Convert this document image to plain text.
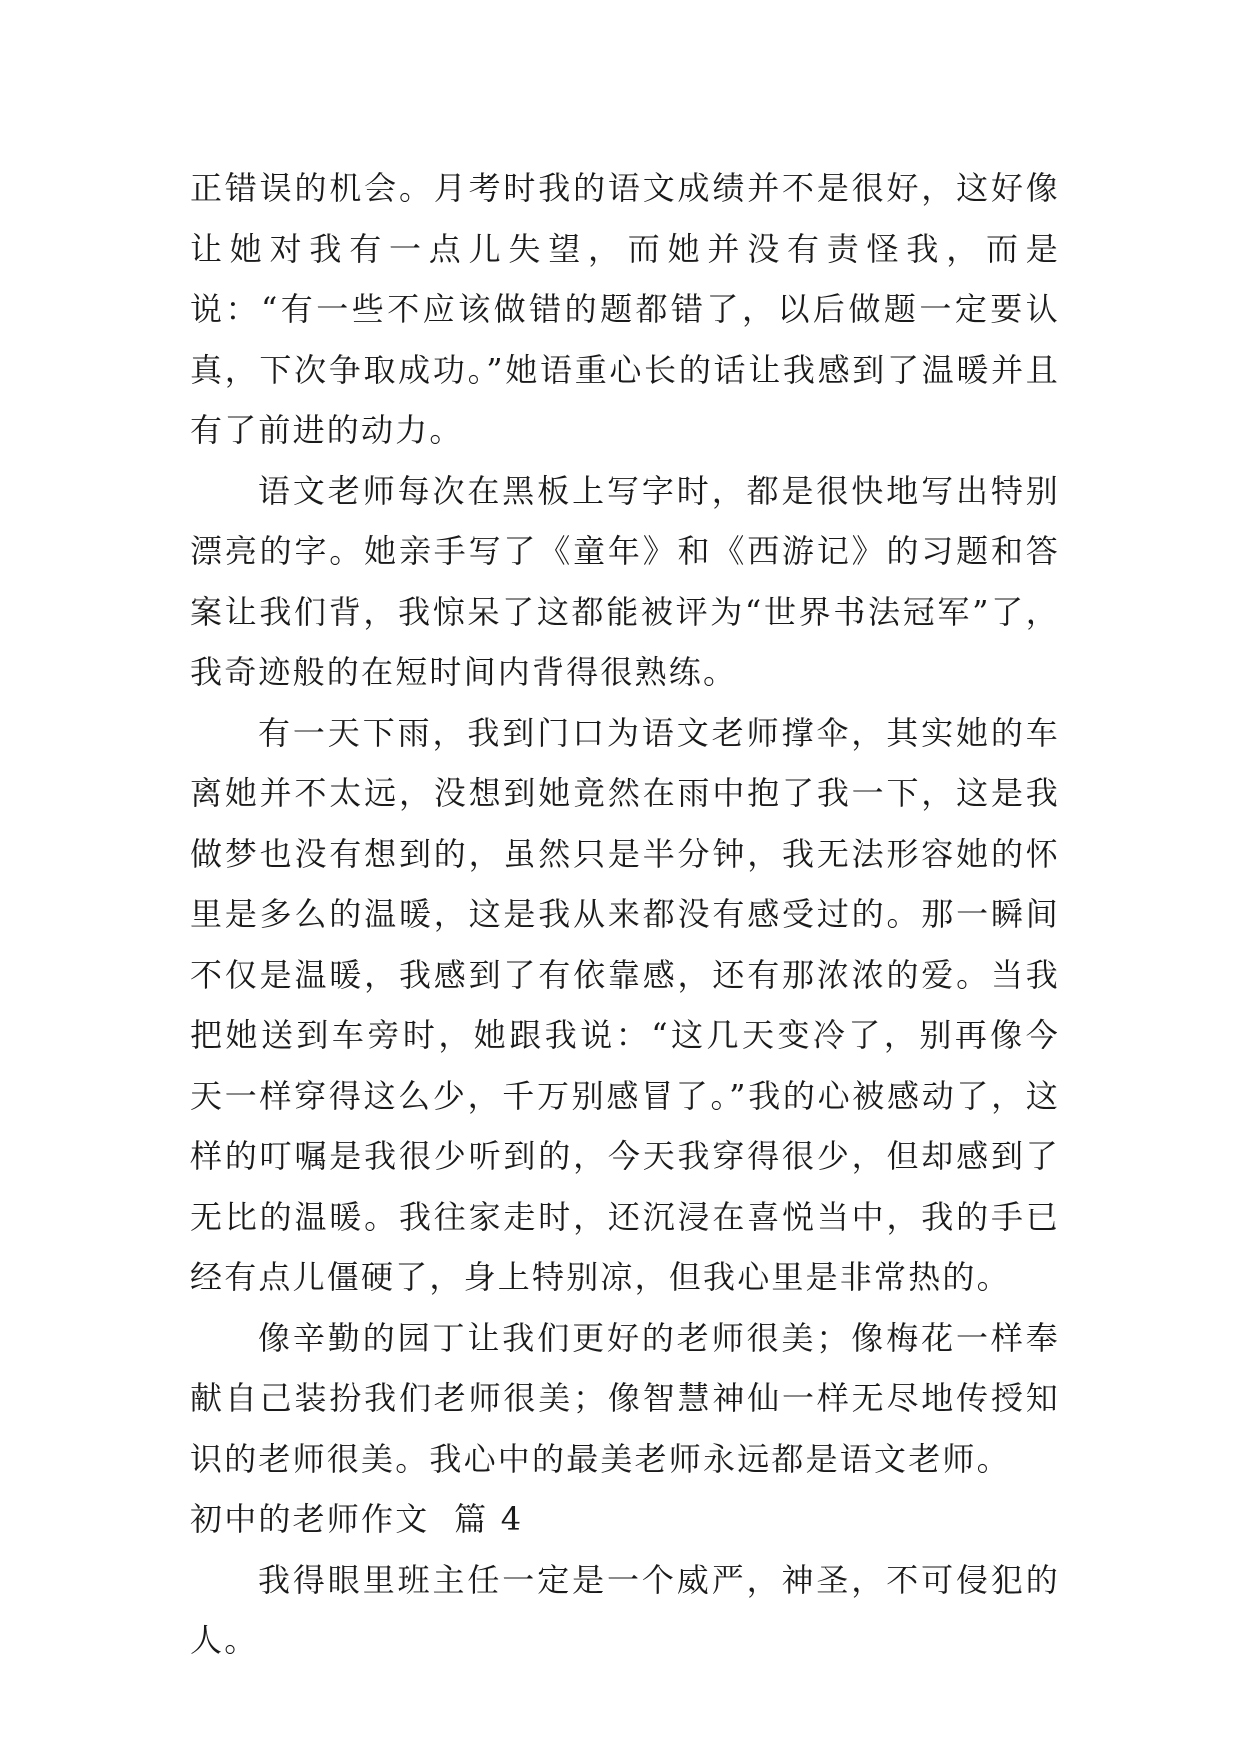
正错误的机会。月考时我的语文成绩并不是很好，这好像让她对我有一点儿失望，而她并没有责怪我，而是说：“有一些不应该做错的题都错了，以后做题一定要认真，下次争取成功。”她语重心长的话让我感到了温暖并且有了前进的动力。

语文老师每次在黑板上写字时，都是很快地写出特别漂亮的字。她亲手写了《童年》和《西游记》的习题和答案让我们背，我惊呆了这都能被评为“世界书法冠军”了，我奇迹般的在短时间内背得很熟练。

有一天下雨，我到门口为语文老师撑伞，其实她的车离她并不太远，没想到她竟然在雨中抱了我一下，这是我做梦也没有想到的，虽然只是半分钟，我无法形容她的怀里是多么的温暖，这是我从来都没有感受过的。那一瞬间不仅是温暖，我感到了有依靠感，还有那浓浓的爱。当我把她送到车旁时，她跟我说：“这几天变冷了，别再像今天一样穿得这么少，千万别感冒了。”我的心被感动了，这样的叮嘱是我很少听到的，今天我穿得很少，但却感到了无比的温暖。我往家走时，还沉浸在喜悦当中，我的手已经有点儿僵硬了，身上特别凉，但我心里是非常热的。

像辛勤的园丁让我们更好的老师很美；像梅花一样奉献自己装扮我们老师很美；像智慧神仙一样无尽地传授知识的老师很美。我心中的最美老师永远都是语文老师。

初中的老师作文  篇 4

我得眼里班主任一定是一个威严，神圣，不可侵犯的人。
